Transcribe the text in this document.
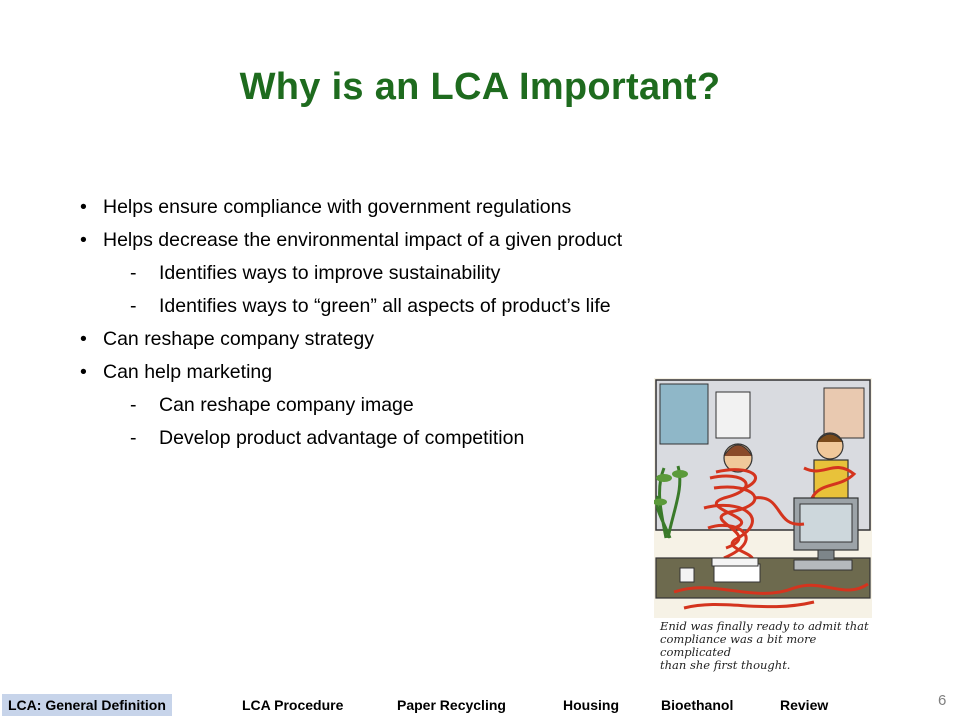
Why is an LCA Important?
• Helps ensure compliance with government regulations
• Helps decrease the environmental impact of a given product
- Identifies ways to improve sustainability
- Identifies ways to “green” all aspects of product’s life
• Can reshape company strategy
• Can help marketing
- Can reshape company image
- Develop product advantage of competition
Enid was finally ready to admit that
compliance was a bit more complicated
than she first thought.
LCA: General Definition	LCA Procedure	Paper Recycling	Housing	Bioethanol	Review	6
